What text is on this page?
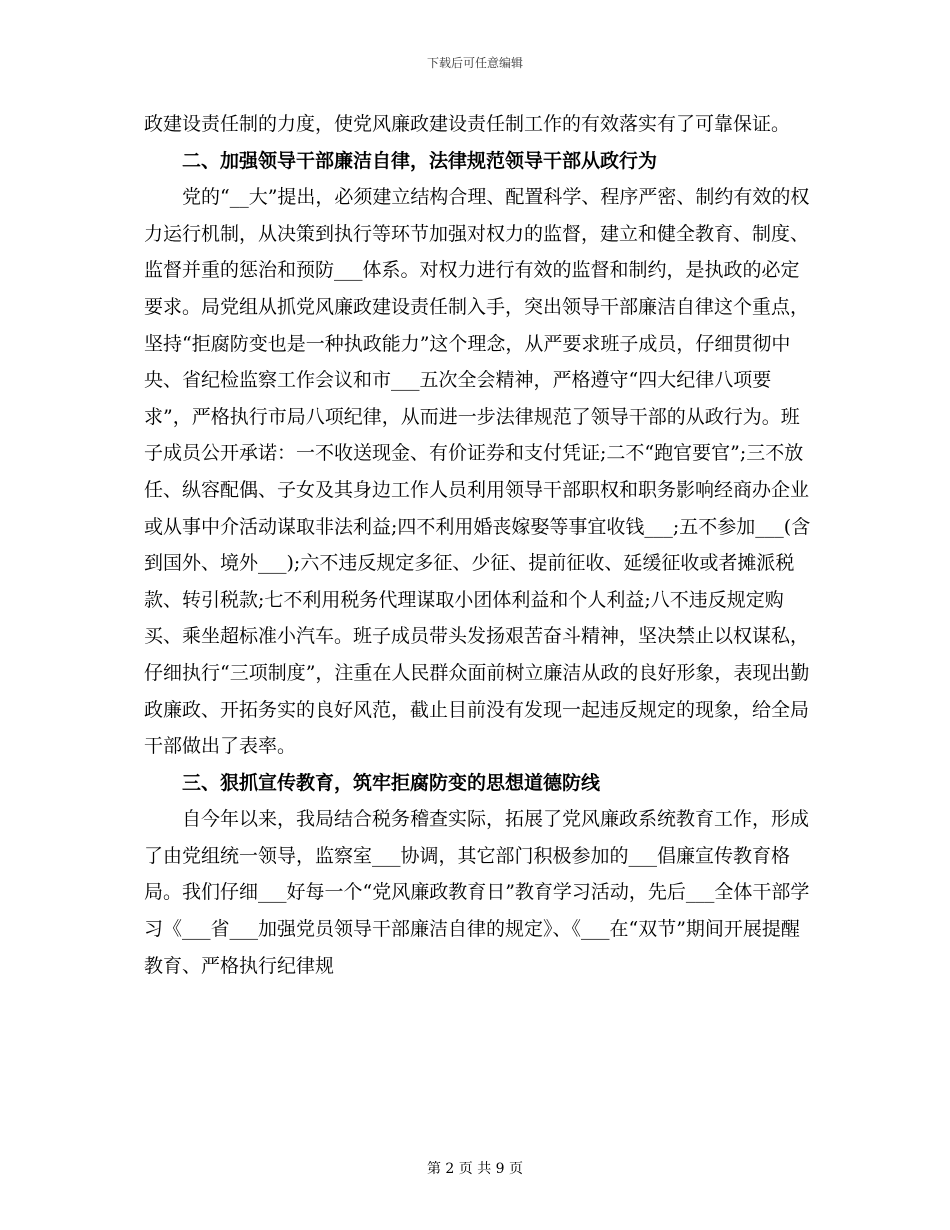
下载后可任意编辑

政建设责任制的力度，使党风廉政建设责任制工作的有效落实有了可靠保证。

二、加强领导干部廉洁自律，法律规范领导干部从政行为

党的“__大”提出，必须建立结构合理、配置科学、程序严密、制约有效的权力运行机制，从决策到执行等环节加强对权力的监督，建立和健全教育、制度、监督并重的惩治和预防___体系。对权力进行有效的监督和制约，是执政的必定要求。局党组从抓党风廉政建设责任制入手，突出领导干部廉洁自律这个重点，坚持“拒腐防变也是一种执政能力”这个理念，从严要求班子成员，仔细贯彻中央、省纪检监察工作会议和市___五次全会精神，严格遵守“四大纪律八项要求”，严格执行市局八项纪律，从而进一步法律规范了领导干部的从政行为。班子成员公开承诺：一不收送现金、有价证券和支付凭证;二不“跑官要官”;三不放任、纵容配偶、子女及其身边工作人员利用领导干部职权和职务影响经商办企业或从事中介活动谋取非法利益;四不利用婚丧嫁娶等事宜收钱___;五不参加___(含到国外、境外___);六不违反规定多征、少征、提前征收、延缓征收或者摊派税款、转引税款;七不利用税务代理谋取小团体利益和个人利益;八不违反规定购买、乘坐超标准小汽车。班子成员带头发扬艰苦奋斗精神，坚决禁止以权谋私，仔细执行“三项制度”，注重在人民群众面前树立廉洁从政的良好形象，表现出勤政廉政、开拓务实的良好风范，截止目前没有发现一起违反规定的现象，给全局干部做出了表率。

三、狠抓宣传教育，筑牢拒腐防变的思想道德防线

自今年以来，我局结合税务稽查实际，拓展了党风廉政系统教育工作，形成了由党组统一领导，监察室___协调，其它部门积极参加的___倡廉宣传教育格局。我们仔细___好每一个“党风廉政教育日”教育学习活动，先后___全体干部学习《___省___加强党员领导干部廉洁自律的规定》、《___在“双节”期间开展提醒教育、严格执行纪律规

第 2 页 共 9 页
